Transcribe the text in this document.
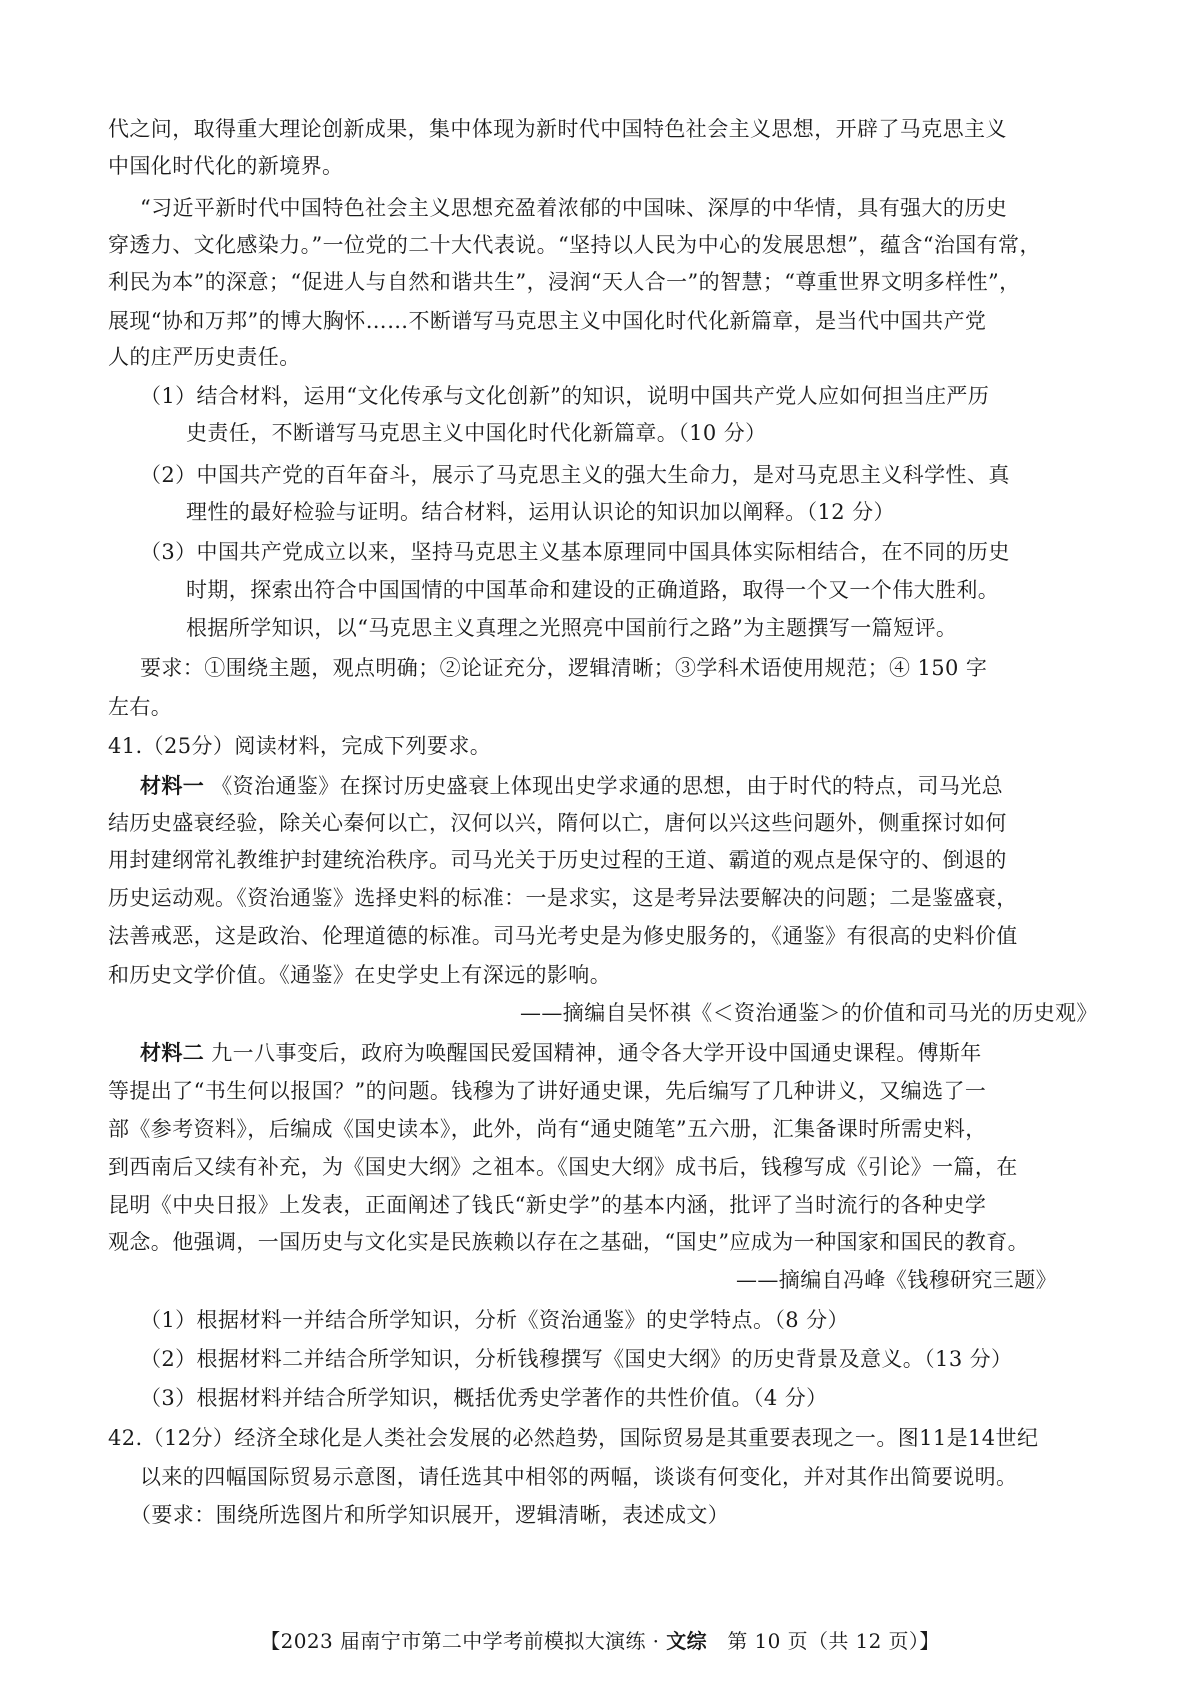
代之问，取得重大理论创新成果，集中体现为新时代中国特色社会主义思想，开辟了马克思主义
中国化时代化的新境界。
“习近平新时代中国特色社会主义思想充盈着浓郁的中国味、深厚的中华情，具有强大的历史
穿透力、文化感染力。”一位党的二十大代表说。“坚持以人民为中心的发展思想”，蕴含“治国有常，
利民为本”的深意；“促进人与自然和谐共生”，浸润“天人合一”的智慧；“尊重世界文明多样性”，
展现“协和万邦”的博大胸怀……不断谱写马克思主义中国化时代化新篇章，是当代中国共产党
人的庄严历史责任。
（1）结合材料，运用“文化传承与文化创新”的知识，说明中国共产党人应如何担当庄严历
史责任，不断谱写马克思主义中国化时代化新篇章。（10 分）
（2）中国共产党的百年奋斗，展示了马克思主义的强大生命力，是对马克思主义科学性、真
理性的最好检验与证明。结合材料，运用认识论的知识加以阐释。（12 分）
（3）中国共产党成立以来，坚持马克思主义基本原理同中国具体实际相结合，在不同的历史
时期，探索出符合中国国情的中国革命和建设的正确道路，取得一个又一个伟大胜利。
根据所学知识，以“马克思主义真理之光照亮中国前行之路”为主题撰写一篇短评。
要求：①围绕主题，观点明确；②论证充分，逻辑清晰；③学科术语使用规范；④ 150 字
左右。
41.（25分）阅读材料，完成下列要求。
材料一 《资治通鉴》在探讨历史盛衰上体现出史学求通的思想，由于时代的特点，司马光总
结历史盛衰经验，除关心秦何以亡，汉何以兴，隋何以亡，唐何以兴这些问题外，侧重探讨如何
用封建纲常礼教维护封建统治秩序。司马光关于历史过程的王道、霸道的观点是保守的、倒退的
历史运动观。《资治通鉴》选择史料的标准：一是求实，这是考异法要解决的问题；二是鉴盛衰，
法善戒恶，这是政治、伦理道德的标准。司马光考史是为修史服务的，《通鉴》有很高的史料价值
和历史文学价值。《通鉴》在史学史上有深远的影响。
——摘编自吴怀祺《＜资治通鉴＞的价值和司马光的历史观》
材料二 九一八事变后，政府为唤醒国民爱国精神，通令各大学开设中国通史课程。傅斯年
等提出了“书生何以报国？”的问题。钱穆为了讲好通史课，先后编写了几种讲义，又编选了一
部《参考资料》，后编成《国史读本》，此外，尚有“通史随笔”五六册，汇集备课时所需史料，
到西南后又续有补充，为《国史大纲》之祖本。《国史大纲》成书后，钱穆写成《引论》一篇，在
昆明《中央日报》上发表，正面阐述了钱氏“新史学”的基本内涵，批评了当时流行的各种史学
观念。他强调，一国历史与文化实是民族赖以存在之基础，“国史”应成为一种国家和国民的教育。
——摘编自冯峰《钱穆研究三题》
（1）根据材料一并结合所学知识，分析《资治通鉴》的史学特点。（8 分）
（2）根据材料二并结合所学知识，分析钱穆撰写《国史大纲》的历史背景及意义。（13 分）
（3）根据材料并结合所学知识，概括优秀史学著作的共性价值。（4 分）
42.（12分）经济全球化是人类社会发展的必然趋势，国际贸易是其重要表现之一。图11是14世纪
以来的四幅国际贸易示意图，请任选其中相邻的两幅，谈谈有何变化，并对其作出简要说明。
（要求：围绕所选图片和所学知识展开，逻辑清晰，表述成文）
【2023 届南宁市第二中学考前模拟大演练 · 文综　第 10 页（共 12 页）】
